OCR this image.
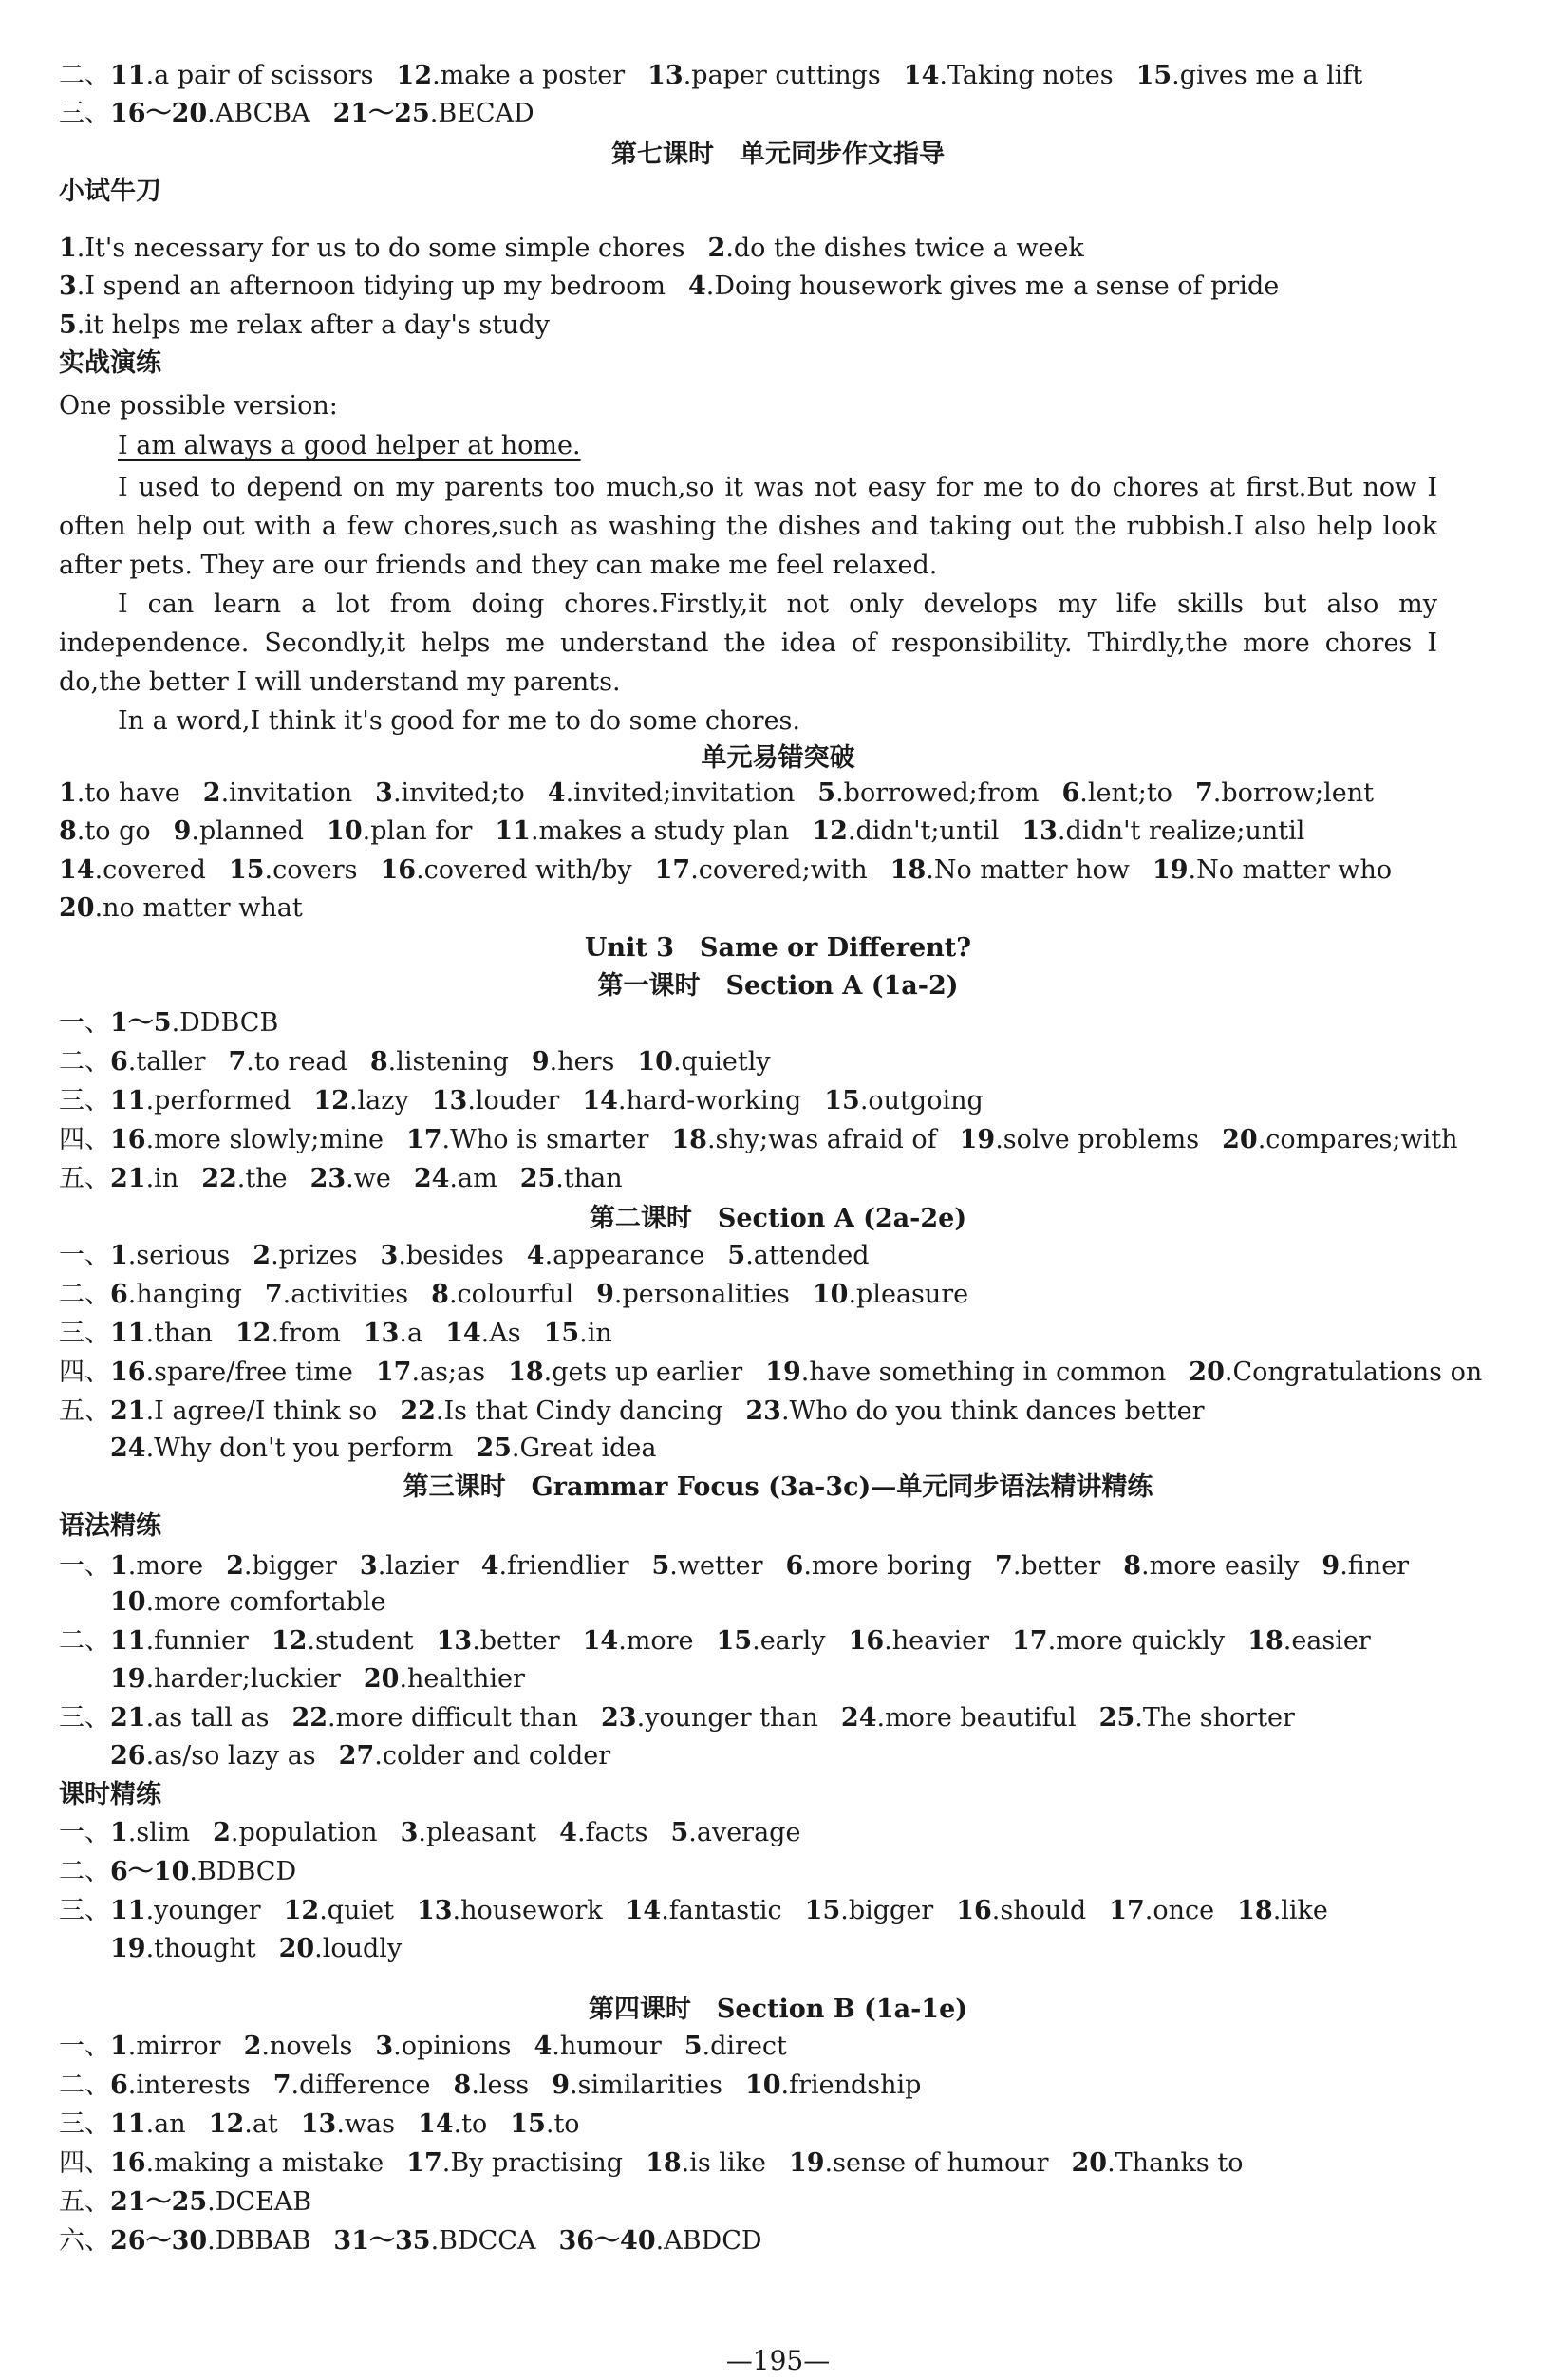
二、11.a pair of scissors 12.make a poster 13.paper cuttings 14.Taking notes 15.gives me a lift
三、16～20.ABCBA 21～25.BECAD
1.It's necessary for us to do some simple chores 2.do the dishes twice a week
3.I spend an afternoon tidying up my bedroom 4.Doing housework gives me a sense of pride
5.it helps me relax after a day's study
1.to have 2.invitation 3.invited;to 4.invited;invitation 5.borrowed;from 6.lent;to 7.borrow;lent
8.to go 9.planned 10.plan for 11.makes a study plan 12.didn't;until 13.didn't realize;until
14.covered 15.covers 16.covered with/by 17.covered;with 18.No matter how 19.No matter who
20.no matter what
一、1～5.DDBCB
二、6.taller 7.to read 8.listening 9.hers 10.quietly
三、11.performed 12.lazy 13.louder 14.hard-working 15.outgoing
四、16.more slowly;mine 17.Who is smarter 18.shy;was afraid of 19.solve problems 20.compares;with
五、21.in 22.the 23.we 24.am 25.than
一、1.serious 2.prizes 3.besides 4.appearance 5.attended
二、6.hanging 7.activities 8.colourful 9.personalities 10.pleasure
三、11.than 12.from 13.a 14.As 15.in
四、16.spare/free time 17.as;as 18.gets up earlier 19.have something in common 20.Congratulations on
五、21.I agree/I think so 22.Is that Cindy dancing 23.Who do you think dances better
　　24.Why don't you perform 25.Great idea
一、1.more 2.bigger 3.lazier 4.friendlier 5.wetter 6.more boring 7.better 8.more easily 9.finer
　　10.more comfortable
二、11.funnier 12.student 13.better 14.more 15.early 16.heavier 17.more quickly 18.easier
　　19.harder;luckier 20.healthier
三、21.as tall as 22.more difficult than 23.younger than 24.more beautiful 25.The shorter
　　26.as/so lazy as 27.colder and colder
一、1.slim 2.population 3.pleasant 4.facts 5.average
二、6～10.BDBCD
三、11.younger 12.quiet 13.housework 14.fantastic 15.bigger 16.should 17.once 18.like
　　19.thought 20.loudly
一、1.mirror 2.novels 3.opinions 4.humour 5.direct
二、6.interests 7.difference 8.less 9.similarities 10.friendship
三、11.an 12.at 13.was 14.to 15.to
四、16.making a mistake 17.By practising 18.is like 19.sense of humour 20.Thanks to
五、21～25.DCEAB
六、26～30.DBBAB 31～35.BDCCA 36～40.ABDCD
第七课时　单元同步作文指导
单元易错突破
Unit 3　Same or Different?
第一课时　Section A (1a-2)
第二课时　Section A (2a-2e)
第三课时　Grammar Focus (3a-3c)—单元同步语法精讲精练
第四课时　Section B (1a-1e)
小试牛刀
实战演练
语法精练
课时精练
One possible version:
I am always a good helper at home.
I used to depend on my parents too much,so it was not easy for me to do chores at first.But now I often help out with a few chores,such as washing the dishes and taking out the rubbish.I also help look after pets. They are our friends and they can make me feel relaxed.
I can learn a lot from doing chores.Firstly,it not only develops my life skills but also my independence. Secondly,it helps me understand the idea of responsibility. Thirdly,the more chores I do,the better I will understand my parents.
In a word,I think it's good for me to do some chores.
—195—
